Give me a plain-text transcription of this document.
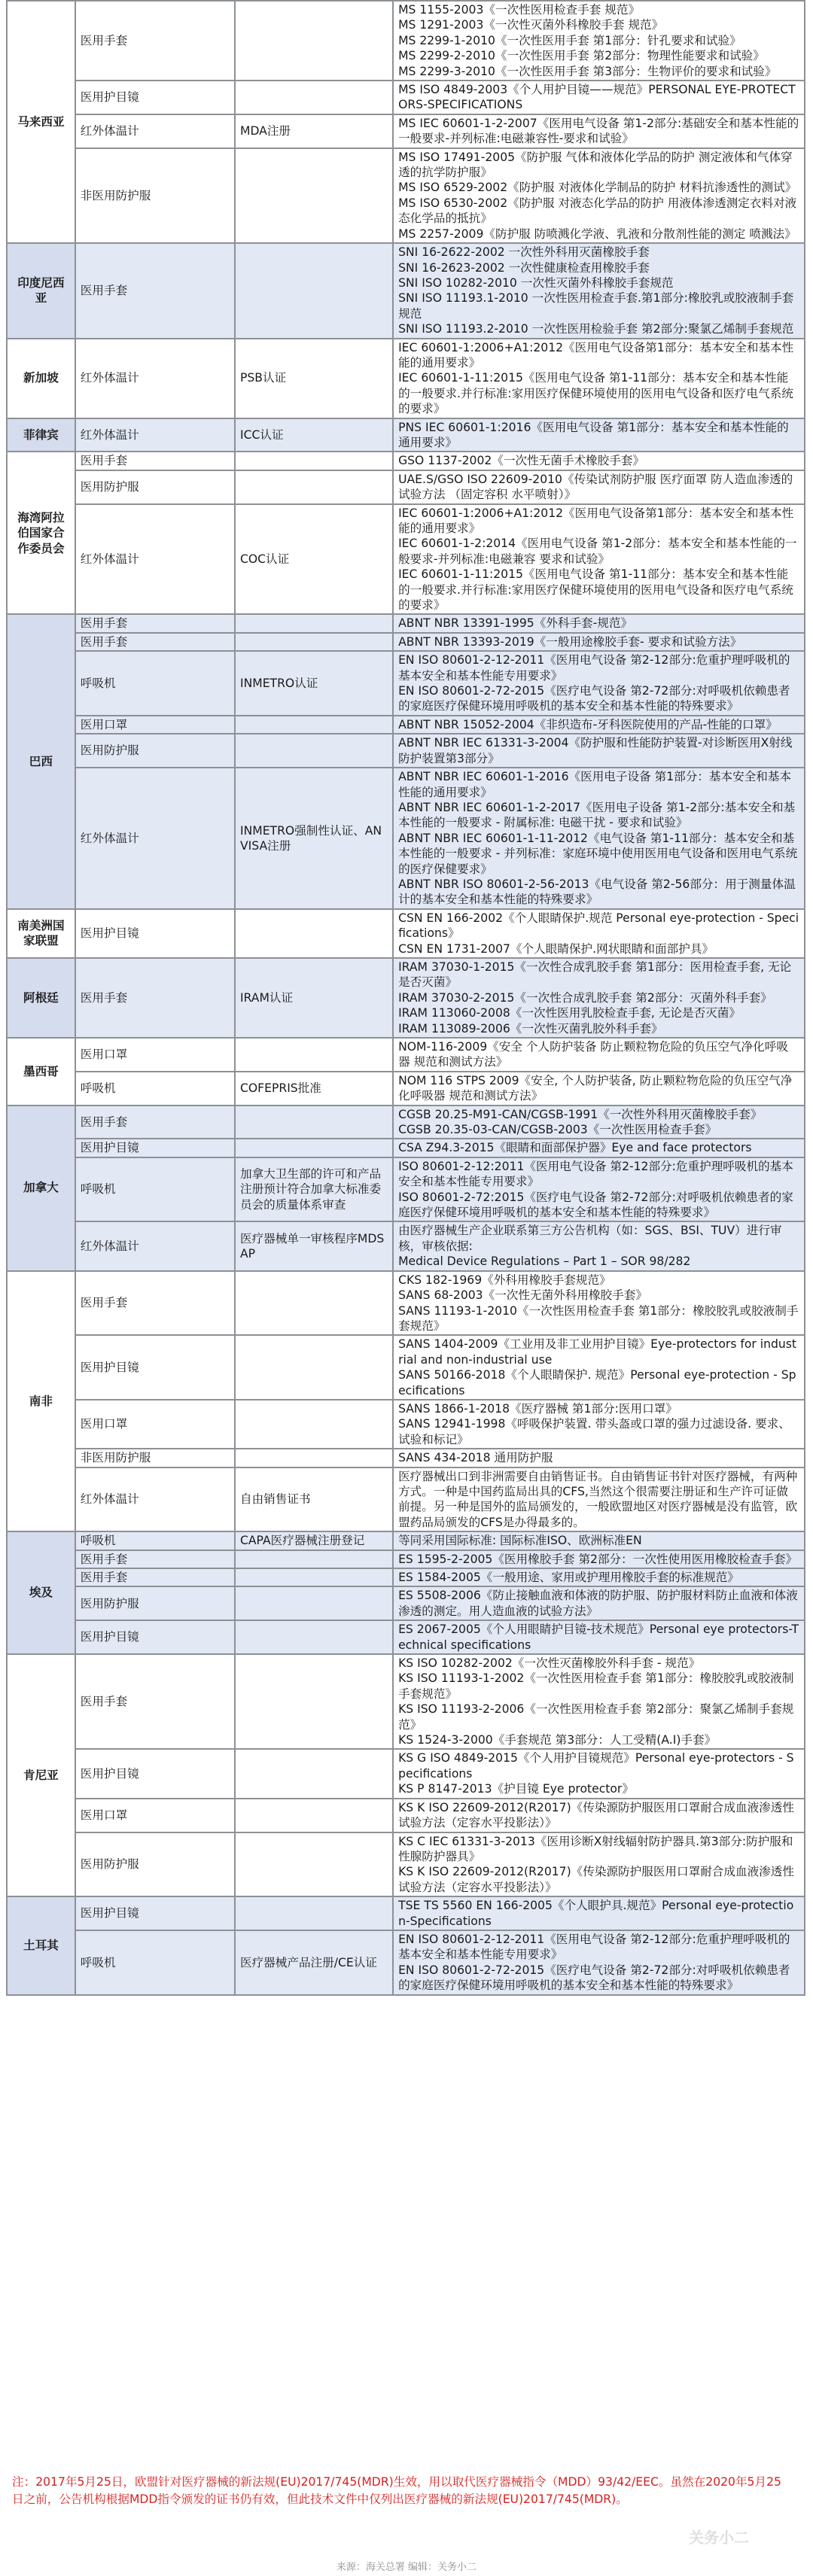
马来西亚	医用手套		MS 1155-2003《一次性医用检查手套 规范》
MS 1291-2003《一次性灭菌外科橡胶手套 规范》
MS 2299-1-2010《一次性医用手套 第1部分：针孔要求和试验》
MS 2299-2-2010《一次性医用手套 第2部分：物理性能要求和试验》
MS 2299-3-2010《一次性医用手套 第3部分：生物评价的要求和试验》

	医用护目镜		MS ISO 4849-2003《个人用护目镜——规范》PERSONAL EYE-PROTECTORS-SPECIFICATIONS

	红外体温计	MDA注册	MS IEC 60601-1-2-2007《医用电气设备 第1-2部分:基础安全和基本性能的一般要求-并列标准:电磁兼容性-要求和试验》

	非医用防护服		MS ISO 17491-2005《防护服 气体和液体化学品的防护 测定液体和气体穿透的抗学防护服》
MS ISO 6529-2002《防护服 对液体化学制品的防护 材料抗渗透性的测试》
MS ISO 6530-2002《防护服 对液态化学品的防护 用液体渗透测定衣料对液态化学品的抵抗》
MS 2257-2009《防护服 防喷溅化学液、乳液和分散剂性能的测定 喷溅法》

印度尼西亚	医用手套		SNI 16-2622-2002 一次性外科用灭菌橡胶手套
SNI 16-2623-2002 一次性健康检查用橡胶手套
SNI ISO 10282-2010 一次性灭菌外科橡胶手套规范
SNI ISO 11193.1-2010 一次性医用检查手套.第1部分:橡胶乳或胶液制手套规范
SNI ISO 11193.2-2010 一次性医用检验手套 第2部分:聚氯乙烯制手套规范

新加坡	红外体温计	PSB认证	IEC 60601-1:2006+A1:2012《医用电气设备第1部分：基本安全和基本性能的通用要求》
IEC 60601-1-11:2015《医用电气设备 第1-11部分：基本安全和基本性能的一般要求.并行标准:家用医疗保健环境使用的医用电气设备和医疗电气系统的要求》

菲律宾	红外体温计	ICC认证	PNS IEC 60601-1:2016《医用电气设备 第1部分：基本安全和基本性能的通用要求》

海湾阿拉伯国家合作委员会	医用手套		GSO 1137-2002《一次性无菌手术橡胶手套》

	医用防护服		UAE.S/GSO ISO 22609-2010《传染试剂防护服 医疗面罩 防人造血渗透的试验方法 （固定容积 水平喷射）》

	红外体温计	COC认证	IEC 60601-1:2006+A1:2012《医用电气设备第1部分：基本安全和基本性能的通用要求》
IEC 60601-1-2:2014《医用电气设备 第1-2部分：基本安全和基本性能的一般要求-并列标准:电磁兼容 要求和试验》
IEC 60601-1-11:2015《医用电气设备 第1-11部分：基本安全和基本性能的一般要求.并行标准:家用医疗保健环境使用的医用电气设备和医疗电气系统的要求》

巴西	医用手套		ABNT NBR 13391-1995《外科手套-规范》

	医用手套		ABNT NBR 13393-2019《一般用途橡胶手套- 要求和试验方法》

	呼吸机	INMETRO认证	EN ISO 80601-2-12-2011《医用电气设备 第2-12部分:危重护理呼吸机的基本安全和基本性能专用要求》
EN ISO 80601-2-72-2015《医疗电气设备 第2-72部分:对呼吸机依赖患者的家庭医疗保健环境用呼吸机的基本安全和基本性能的特殊要求》

	医用口罩		ABNT NBR 15052-2004《非织造布-牙科医院使用的产品-性能的口罩》

	医用防护服		ABNT NBR IEC 61331-3-2004《防护服和性能防护装置-对诊断医用X射线防护装置第3部分》

	红外体温计	INMETRO强制性认证、ANVISA注册	ABNT NBR IEC 60601-1-2016《医用电子设备 第1部分：基本安全和基本性能的通用要求》
ABNT NBR IEC 60601-1-2-2017《医用电子设备 第1-2部分:基本安全和基本性能的一般要求 - 附属标准: 电磁干扰 - 要求和试验》
ABNT NBR IEC 60601-1-11-2012《电气设备 第1-11部分：基本安全和基本性能的一般要求 - 并列标准：家庭环境中使用医用电气设备和医用电气系统的医疗保健要求》
ABNT NBR ISO 80601-2-56-2013《电气设备 第2-56部分：用于测量体温计的基本安全和基本性能的特殊要求》

南美洲国家联盟	医用护目镜		CSN EN 166-2002《个人眼睛保护.规范 Personal eye-protection - Specifications》
CSN EN 1731-2007《个人眼睛保护.网状眼睛和面部护具》

阿根廷	医用手套	IRAM认证	IRAM 37030-1-2015《一次性合成乳胶手套 第1部分：医用检查手套, 无论是否灭菌》
IRAM 37030-2-2015《一次性合成乳胶手套 第2部分：灭菌外科手套》
IRAM 113060-2008《一次性医用乳胶检查手套, 无论是否灭菌》
IRAM 113089-2006《一次性灭菌乳胶外科手套》

墨西哥	医用口罩		NOM-116-2009《安全 个人防护装备 防止颗粒物危险的负压空气净化呼吸器 规范和测试方法》

	呼吸机	COFEPRIS批准	NOM 116 STPS 2009《安全, 个人防护装备, 防止颗粒物危险的负压空气净化呼吸器 规范和测试方法》

加拿大	医用手套		CGSB 20.25-M91-CAN/CGSB-1991《一次性外科用灭菌橡胶手套》
CGSB 20.35-03-CAN/CGSB-2003《一次性医用检查手套》

	医用护目镜		CSA Z94.3-2015《眼睛和面部保护器》Eye and face protectors

	呼吸机	加拿大卫生部的许可和产品注册预计符合加拿大标准委员会的质量体系审查	ISO 80601-2-12:2011《医用电气设备 第2-12部分:危重护理呼吸机的基本安全和基本性能专用要求》
ISO 80601-2-72:2015《医疗电气设备 第2-72部分:对呼吸机依赖患者的家庭医疗保健环境用呼吸机的基本安全和基本性能的特殊要求》

	红外体温计	医疗器械单一审核程序MDSAP	由医疗器械生产企业联系第三方公告机构（如：SGS、BSI、TUV）进行审核，审核依据:
Medical Device Regulations – Part 1 – SOR 98/282

南非	医用手套		CKS 182-1969《外科用橡胶手套规范》
SANS 68-2003《一次性无菌外科用橡胶手套》
SANS 11193-1-2010《一次性医用检查手套 第1部分：橡胶胶乳或胶液制手套规范》

	医用护目镜		SANS 1404-2009《工业用及非工业用护目镜》Eye-protectors for industrial and non-industrial use
SANS 50166-2018《个人眼睛保护. 规范》Personal eye-protection - Specifications

	医用口罩		SANS 1866-1-2018《医疗器械 第1部分:医用口罩》
SANS 12941-1998《呼吸保护装置. 带头盔或口罩的强力过滤设备. 要求、试验和标记》

	非医用防护服		SANS 434-2018 通用防护服

	红外体温计	自由销售证书	医疗器械出口到非洲需要自由销售证书。自由销售证书针对医疗器械，有两种方式。一种是中国药监局出具的CFS,当然这个很需要注册证和生产许可证做前提。另一种是国外的监局颁发的，一般欧盟地区对医疗器械是没有监管，欧盟药品局颁发的CFS是办得最多的。

埃及	呼吸机	CAPA医疗器械注册登记	等同采用国际标准: 国际标准ISO、欧洲标准EN

	医用手套		ES 1595-2-2005《医用橡胶手套 第2部分：一次性使用医用橡胶检查手套》

	医用手套		ES 1584-2005《一般用途、家用或护理用橡胶手套的标准规范》

	医用防护服		ES 5508-2006《防止接触血液和体液的防护服、防护服材料防止血液和体液渗透的测定。用人造血液的试验方法》

	医用护目镜		ES 2067-2005《个人用眼睛护目镜-技术规范》Personal eye protectors-Technical specifications

肯尼亚	医用手套		KS ISO 10282-2002《一次性灭菌橡胶外科手套 - 规范》
KS ISO 11193-1-2002《一次性医用检查手套 第1部分：橡胶胶乳或胶液制手套规范》
KS ISO 11193-2-2006《一次性医用检查手套 第2部分：聚氯乙烯制手套规范》
KS 1524-3-2000《手套规范 第3部分：人工受精(A.I)手套》

	医用护目镜		KS G ISO 4849-2015《个人用护目镜规范》Personal eye-protectors - Specifications
KS P 8147-2013《护目镜 Eye protector》

	医用口罩		KS K ISO 22609-2012(R2017)《传染源防护服医用口罩耐合成血液渗透性试验方法（定容水平投影法）》

	医用防护服		KS C IEC 61331-3-2013《医用诊断X射线辐射防护器具.第3部分:防护服和性腺防护器具》
KS K ISO 22609-2012(R2017)《传染源防护服医用口罩耐合成血液渗透性试验方法（定容水平投影法）》

土耳其	医用护目镜		TSE TS 5560 EN 166-2005《个人眼护具.规范》Personal eye-protection-Specifications

	呼吸机	医疗器械产品注册/CE认证	EN ISO 80601-2-12-2011《医用电气设备 第2-12部分:危重护理呼吸机的基本安全和基本性能专用要求》
EN ISO 80601-2-72-2015《医疗电气设备 第2-72部分:对呼吸机依赖患者的家庭医疗保健环境用呼吸机的基本安全和基本性能的特殊要求》
注：2017年5月25日，欧盟针对医疗器械的新法规(EU)2017/745(MDR)生效，用以取代医疗器械指令（MDD）93/42/EEC。虽然在2020年5月25日之前，公告机构根据MDD指令颁发的证书仍有效，但此技术文件中仅列出医疗器械的新法规(EU)2017/745(MDR)。
关务小二
来源：海关总署 编辑：关务小二
